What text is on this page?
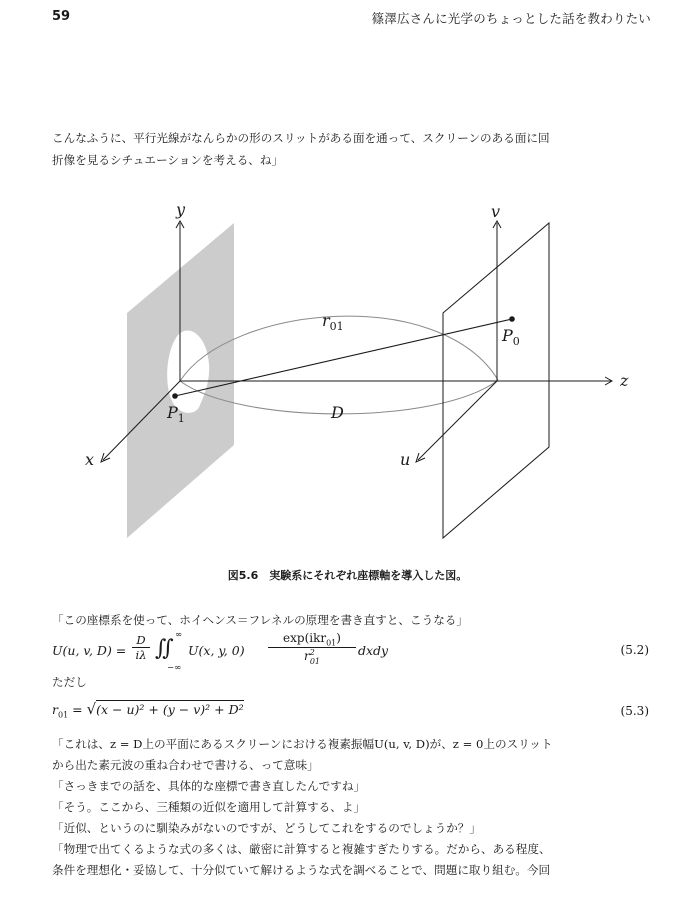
59	篠澤広さんに光学のちょっとした話を教わりたい
こんなふうに、平行光線がなんらかの形のスリットがある面を通って、スクリーンのある面に回
折像を見るシチュエーションを考える、ね」
y
x
z
v
u
$P_1$
$P_0$
$r_{01}$
D
図5.6　実験系にそれぞれ座標軸を導入した図。
「この座標系を使って、ホイヘンス＝フレネルの原理を書き直すと、こうなる」
U(u, v, $D) = \frac{D}{i\lambda}$ ∬
∞
−∞
U(x, y, 0)
exp(ikr$_{01}$)
$r^2_{01}$
dxdy	(5.2)
ただし
$r_{01} = √(x - u)^2 + (y - v)^2 + D^2$	(5.3)
「これは、z = D上の平面にあるスクリーンにおける複素振幅U(u, v, D)が、z = 0上のスリット
から出た素元波の重ね合わせで書ける、って意味」
「さっきまでの話を、具体的な座標で書き直したんですね」
「そう。ここから、三種類の近似を適用して計算する、よ」
「近似、というのに馴染みがないのですが、どうしてこれをするのでしょうか？」
「物理で出てくるような式の多くは、厳密に計算すると複雑すぎたりする。だから、ある程度、
条件を理想化・妥協して、十分似ていて解けるような式を調べることで、問題に取り組む。今回
